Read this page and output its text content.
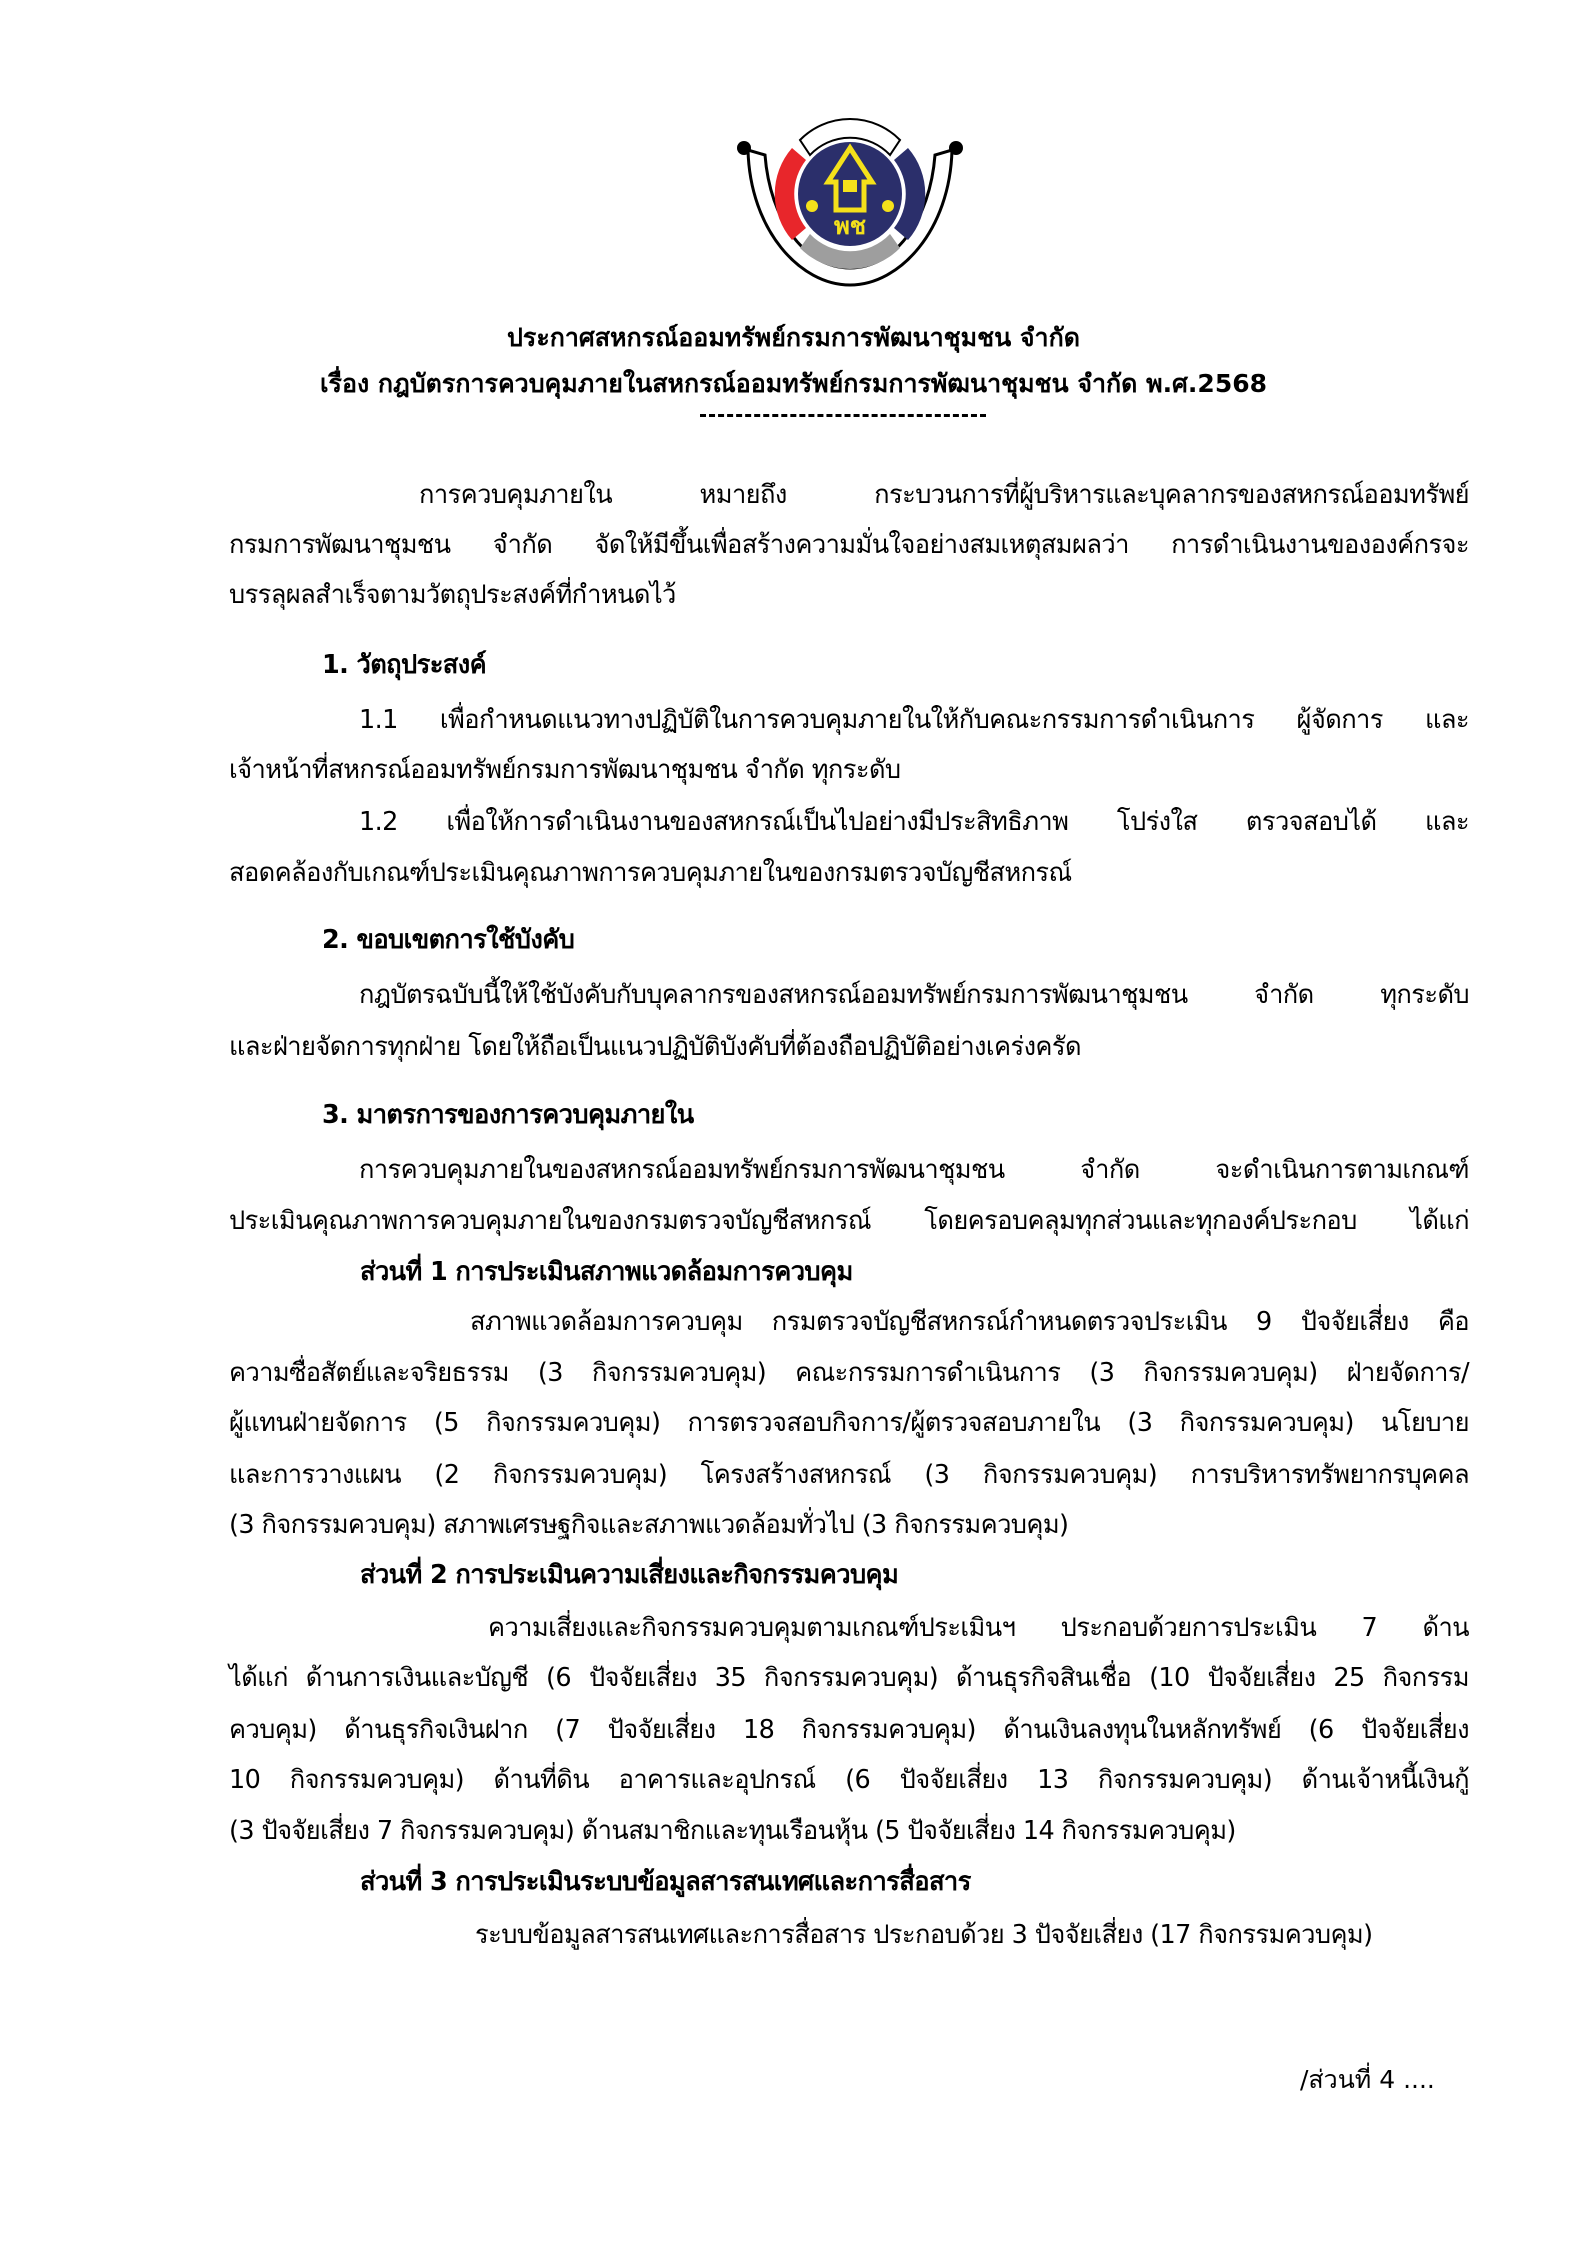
พช
ประกาศสหกรณ์ออมทรัพย์กรมการพัฒนาชุมชน จำกัด
เรื่อง กฎบัตรการควบคุมภายในสหกรณ์ออมทรัพย์กรมการพัฒนาชุมชน จำกัด พ.ศ.2568
การควบคุมภายใน หมายถึง กระบวนการที่ผู้บริหารและบุคลากรของสหกรณ์ออมทรัพย์
กรมการพัฒนาชุมชน จำกัด จัดให้มีขึ้นเพื่อสร้างความมั่นใจอย่างสมเหตุสมผลว่า การดำเนินงานขององค์กรจะ
บรรลุผลสำเร็จตามวัตถุประสงค์ที่กำหนดไว้
1. วัตถุประสงค์
1.1 เพื่อกำหนดแนวทางปฏิบัติในการควบคุมภายในให้กับคณะกรรมการดำเนินการ ผู้จัดการ และ
เจ้าหน้าที่สหกรณ์ออมทรัพย์กรมการพัฒนาชุมชน จำกัด ทุกระดับ
1.2 เพื่อให้การดำเนินงานของสหกรณ์เป็นไปอย่างมีประสิทธิภาพ โปร่งใส ตรวจสอบได้ และ
สอดคล้องกับเกณฑ์ประเมินคุณภาพการควบคุมภายในของกรมตรวจบัญชีสหกรณ์
2. ขอบเขตการใช้บังคับ
กฎบัตรฉบับนี้ให้ใช้บังคับกับบุคลากรของสหกรณ์ออมทรัพย์กรมการพัฒนาชุมชน จำกัด ทุกระดับ
และฝ่ายจัดการทุกฝ่าย โดยให้ถือเป็นแนวปฏิบัติบังคับที่ต้องถือปฏิบัติอย่างเคร่งครัด
3. มาตรการของการควบคุมภายใน
การควบคุมภายในของสหกรณ์ออมทรัพย์กรมการพัฒนาชุมชน จำกัด จะดำเนินการตามเกณฑ์
ประเมินคุณภาพการควบคุมภายในของกรมตรวจบัญชีสหกรณ์ โดยครอบคลุมทุกส่วนและทุกองค์ประกอบ ได้แก่
ส่วนที่ 1 การประเมินสภาพแวดล้อมการควบคุม
สภาพแวดล้อมการควบคุม กรมตรวจบัญชีสหกรณ์กำหนดตรวจประเมิน 9 ปัจจัยเสี่ยง คือ
ความซื่อสัตย์และจริยธรรม (3 กิจกรรมควบคุม) คณะกรรมการดำเนินการ (3 กิจกรรมควบคุม) ฝ่ายจัดการ/
ผู้แทนฝ่ายจัดการ (5 กิจกรรมควบคุม) การตรวจสอบกิจการ/ผู้ตรวจสอบภายใน (3 กิจกรรมควบคุม) นโยบาย
และการวางแผน (2 กิจกรรมควบคุม) โครงสร้างสหกรณ์ (3 กิจกรรมควบคุม) การบริหารทรัพยากรบุคคล
(3 กิจกรรมควบคุม) สภาพเศรษฐกิจและสภาพแวดล้อมทั่วไป (3 กิจกรรมควบคุม)
ส่วนที่ 2 การประเมินความเสี่ยงและกิจกรรมควบคุม
ความเสี่ยงและกิจกรรมควบคุมตามเกณฑ์ประเมินฯ ประกอบด้วยการประเมิน 7 ด้าน
ได้แก่ ด้านการเงินและบัญชี (6 ปัจจัยเสี่ยง 35 กิจกรรมควบคุม) ด้านธุรกิจสินเชื่อ (10 ปัจจัยเสี่ยง 25 กิจกรรม
ควบคุม) ด้านธุรกิจเงินฝาก (7 ปัจจัยเสี่ยง 18 กิจกรรมควบคุม) ด้านเงินลงทุนในหลักทรัพย์ (6 ปัจจัยเสี่ยง
10 กิจกรรมควบคุม) ด้านที่ดิน อาคารและอุปกรณ์ (6 ปัจจัยเสี่ยง 13 กิจกรรมควบคุม) ด้านเจ้าหนี้เงินกู้
(3 ปัจจัยเสี่ยง 7 กิจกรรมควบคุม) ด้านสมาชิกและทุนเรือนหุ้น (5 ปัจจัยเสี่ยง 14 กิจกรรมควบคุม)
ส่วนที่ 3 การประเมินระบบข้อมูลสารสนเทศและการสื่อสาร
ระบบข้อมูลสารสนเทศและการสื่อสาร ประกอบด้วย 3 ปัจจัยเสี่ยง (17 กิจกรรมควบคุม)
/ส่วนที่ 4 ....
